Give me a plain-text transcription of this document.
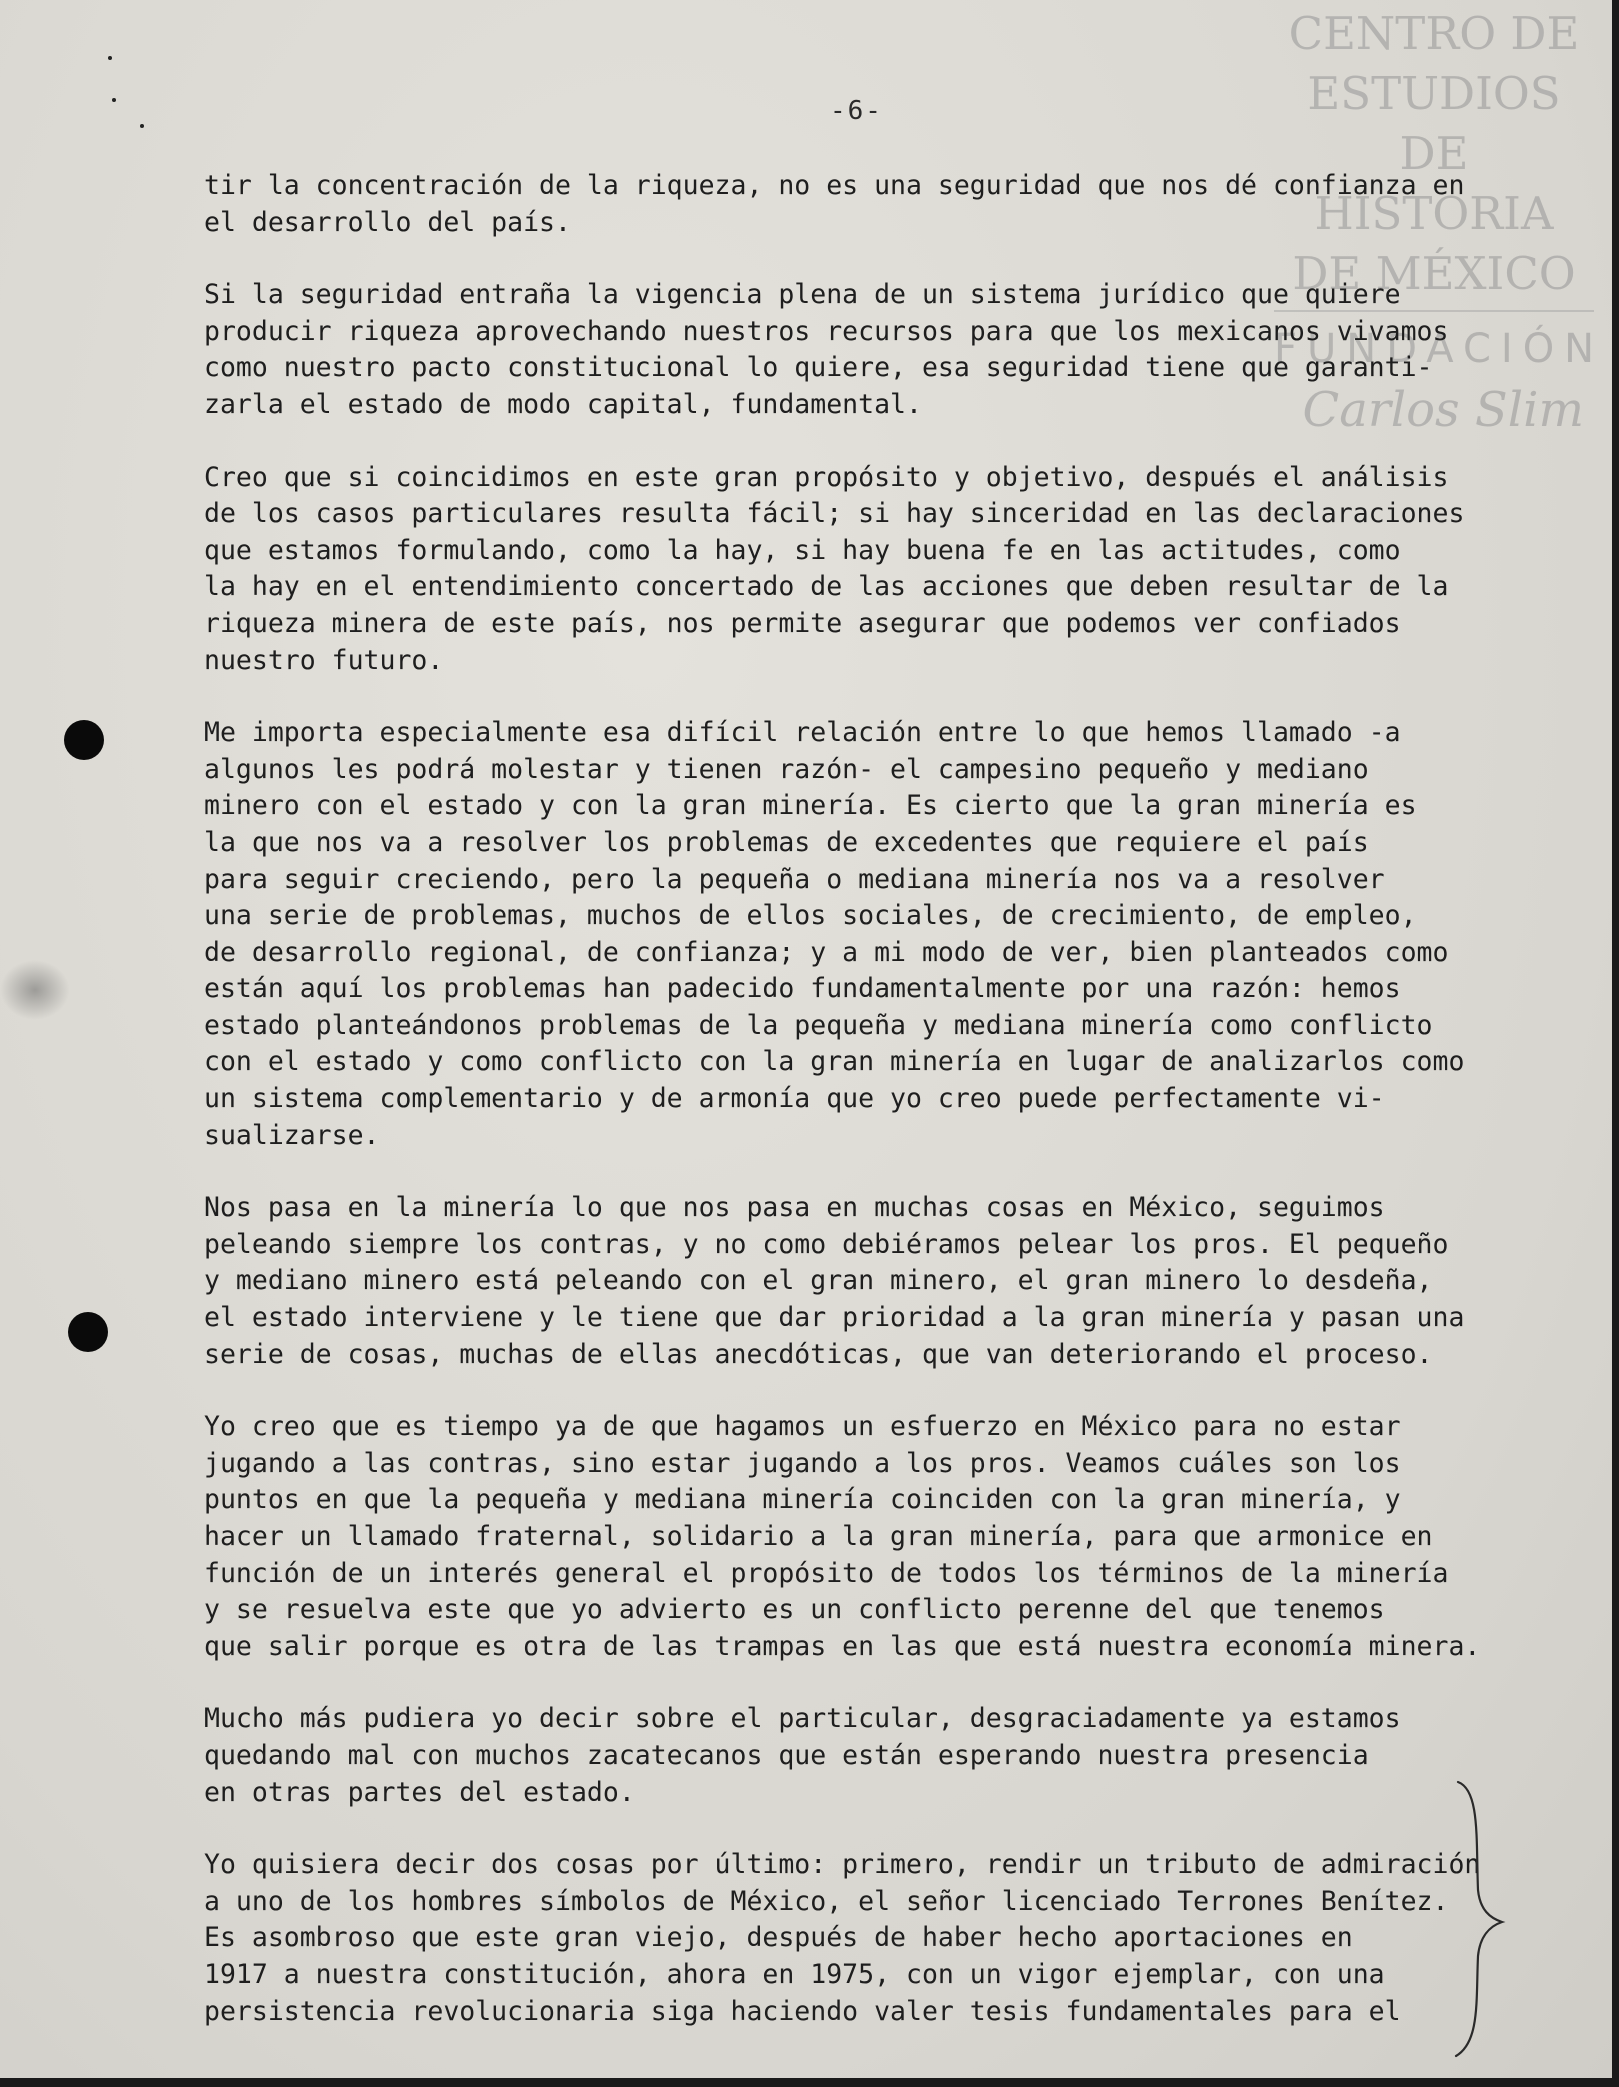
CENTRO DE
ESTUDIOS
DE HISTORIA
DE MÉXICO
FUNDACIÓN
Carlos Slim
-6-
tir la concentración de la riqueza, no es una seguridad que nos dé confianza en
el desarrollo del país.
Si la seguridad entraña la vigencia plena de un sistema jurídico que quiere
producir riqueza aprovechando nuestros recursos para que los mexicanos vivamos
como nuestro pacto constitucional lo quiere, esa seguridad tiene que garanti-
zarla el estado de modo capital, fundamental.
Creo que si coincidimos en este gran propósito y objetivo, después el análisis
de los casos particulares resulta fácil; si hay sinceridad en las declaraciones
que estamos formulando, como la hay, si hay buena fe en las actitudes, como
la hay en el entendimiento concertado de las acciones que deben resultar de la
riqueza minera de este país, nos permite asegurar que podemos ver confiados
nuestro futuro.
Me importa especialmente esa difícil relación entre lo que hemos llamado -a
algunos les podrá molestar y tienen razón- el campesino pequeño y mediano
minero con el estado y con la gran minería. Es cierto que la gran minería es
la que nos va a resolver los problemas de excedentes que requiere el país
para seguir creciendo, pero la pequeña o mediana minería nos va a resolver
una serie de problemas, muchos de ellos sociales, de crecimiento, de empleo,
de desarrollo regional, de confianza; y a mi modo de ver, bien planteados como
están aquí los problemas han padecido fundamentalmente por una razón: hemos
estado planteándonos problemas de la pequeña y mediana minería como conflicto
con el estado y como conflicto con la gran minería en lugar de analizarlos como
un sistema complementario y de armonía que yo creo puede perfectamente vi-
sualizarse.
Nos pasa en la minería lo que nos pasa en muchas cosas en México, seguimos
peleando siempre los contras, y no como debiéramos pelear los pros. El pequeño
y mediano minero está peleando con el gran minero, el gran minero lo desdeña,
el estado interviene y le tiene que dar prioridad a la gran minería y pasan una
serie de cosas, muchas de ellas anecdóticas, que van deteriorando el proceso.
Yo creo que es tiempo ya de que hagamos un esfuerzo en México para no estar
jugando a las contras, sino estar jugando a los pros. Veamos cuáles son los
puntos en que la pequeña y mediana minería coinciden con la gran minería, y
hacer un llamado fraternal, solidario a la gran minería, para que armonice en
función de un interés general el propósito de todos los términos de la minería
y se resuelva este que yo advierto es un conflicto perenne del que tenemos
que salir porque es otra de las trampas en las que está nuestra economía minera.
Mucho más pudiera yo decir sobre el particular, desgraciadamente ya estamos
quedando mal con muchos zacatecanos que están esperando nuestra presencia
en otras partes del estado.
Yo quisiera decir dos cosas por último: primero, rendir un tributo de admiración
a uno de los hombres símbolos de México, el señor licenciado Terrones Benítez.
Es asombroso que este gran viejo, después de haber hecho aportaciones en
1917 a nuestra constitución, ahora en 1975, con un vigor ejemplar, con una
persistencia revolucionaria siga haciendo valer tesis fundamentales para el
